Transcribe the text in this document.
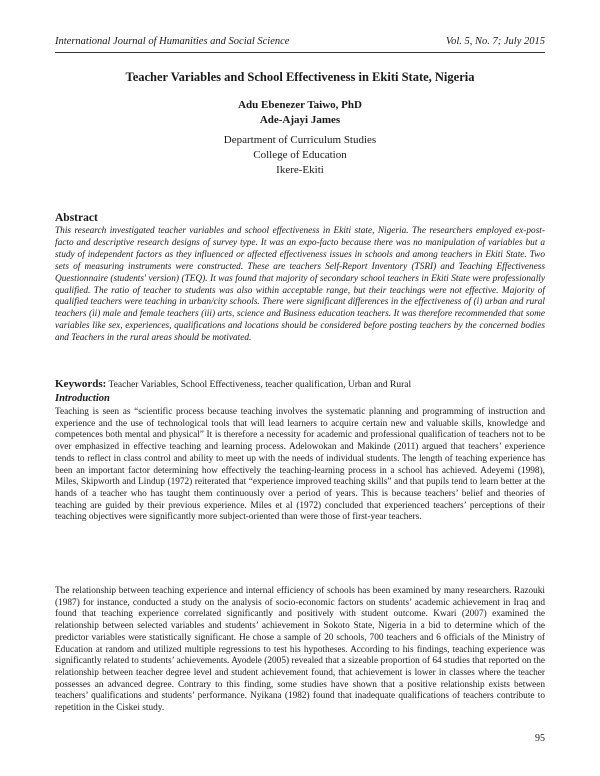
International Journal of Humanities and Social Science	Vol. 5, No. 7; July 2015
Teacher Variables and School Effectiveness in Ekiti State, Nigeria
Adu Ebenezer Taiwo, PhD
Ade-Ajayi James
Department of Curriculum Studies
College of Education
Ikere-Ekiti
Abstract
This research investigated teacher variables and school effectiveness in Ekiti state, Nigeria. The researchers employed ex-post-facto and descriptive research designs of survey type. It was an expo-facto because there was no manipulation of variables but a study of independent factors as they influenced or affected effectiveness issues in schools and among teachers in Ekiti State. Two sets of measuring instruments were constructed. These are teachers Self-Report Inventory (TSRI) and Teaching Effectiveness Questionnaire (students' version) (TEQ). It was found that majority of secondary school teachers in Ekiti State were professionally qualified. The ratio of teacher to students was also within acceptable range, but their teachings were not effective. Majority of qualified teachers were teaching in urban/city schools. There were significant differences in the effectiveness of (i) urban and rural teachers (ii) male and female teachers (iii) arts, science and Business education teachers. It was therefore recommended that some variables like sex, experiences, qualifications and locations should be considered before posting teachers by the concerned bodies and Teachers in the rural areas should be motivated.
Keywords: Teacher Variables, School Effectiveness, teacher qualification, Urban and Rural
Introduction
Teaching is seen as “scientific process because teaching involves the systematic planning and programming of instruction and experience and the use of technological tools that will lead learners to acquire certain new and valuable skills, knowledge and competences both mental and physical” It is therefore a necessity for academic and professional qualification of teachers not to be over emphasized in effective teaching and learning process. Adelowokan and Makinde (2011) argued that teachers’ experience tends to reflect in class control and ability to meet up with the needs of individual students. The length of teaching experience has been an important factor determining how effectively the teaching-learning process in a school has achieved. Adeyemi (1998), Miles, Skipworth and Lindup (1972) reiterated that “experience improved teaching skills” and that pupils tend to learn better at the hands of a teacher who has taught them continuously over a period of years. This is because teachers’ belief and theories of teaching are guided by their previous experience. Miles et al (1972) concluded that experienced teachers’ perceptions of their teaching objectives were significantly more subject-oriented than were those of first-year teachers.
The relationship between teaching experience and internal efficiency of schools has been examined by many researchers. Razouki (1987) for instance, conducted a study on the analysis of socio-economic factors on students’ academic achievement in Iraq and found that teaching experience correlated significantly and positively with student outcome. Kwari (2007) examined the relationship between selected variables and students’ achievement in Sokoto State, Nigeria in a bid to determine which of the predictor variables were statistically significant. He chose a sample of 20 schools, 700 teachers and 6 officials of the Ministry of Education at random and utilized multiple regressions to test his hypotheses. According to his findings, teaching experience was significantly related to students’ achievements. Ayodele (2005) revealed that a sizeable proportion of 64 studies that reported on the relationship between teacher degree level and student achievement found, that achievement is lower in classes where the teacher possesses an advanced degree. Contrary to this finding, some studies have shown that a positive relationship exists between teachers’ qualifications and students’ performance. Nyikana (1982) found that inadequate qualifications of teachers contribute to repetition in the Ciskei study.
95
